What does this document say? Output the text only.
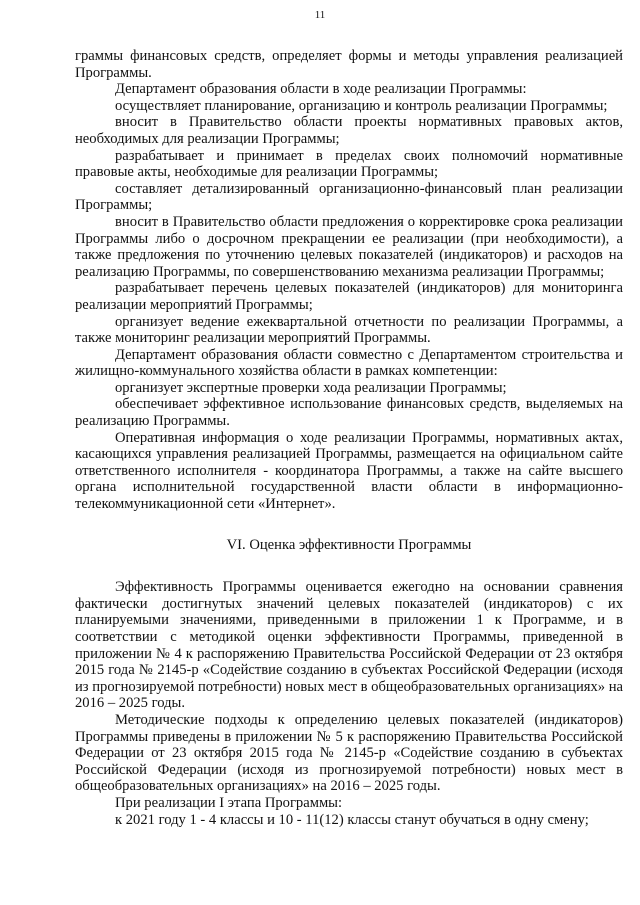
11

граммы финансовых средств, определяет формы и методы управления реализацией Программы.

Департамент образования области в ходе реализации Программы:

осуществляет планирование, организацию и контроль реализации Программы;

вносит в Правительство области проекты нормативных правовых актов, необходимых для реализации Программы;

разрабатывает и принимает в пределах своих полномочий нормативные правовые акты, необходимые для реализации Программы;

составляет детализированный организационно-финансовый план реализации Программы;

вносит в Правительство области предложения о корректировке срока реализации Программы либо о досрочном прекращении ее реализации (при необходимости), а также предложения по уточнению целевых показателей (индикаторов) и расходов на реализацию Программы, по совершенствованию механизма реализации Программы;

разрабатывает перечень целевых показателей (индикаторов) для мониторинга реализации мероприятий Программы;

организует ведение ежеквартальной отчетности по реализации Программы, а также мониторинг реализации мероприятий Программы.

Департамент образования области совместно с Департаментом строительства и жилищно-коммунального хозяйства области в рамках компетенции:

организует экспертные проверки хода реализации Программы;

обеспечивает эффективное использование финансовых средств, выделяемых на реализацию Программы.

Оперативная информация о ходе реализации Программы, нормативных актах, касающихся управления реализацией Программы, размещается на официальном сайте ответственного исполнителя - координатора Программы, а также на сайте высшего органа исполнительной государственной власти области в информационно-телекоммуникационной сети «Интернет».

VI. Оценка эффективности Программы

Эффективность Программы оценивается ежегодно на основании сравнения фактически достигнутых значений целевых показателей (индикаторов) с их планируемыми значениями, приведенными в приложении 1 к Программе, и в соответствии с методикой оценки эффективности Программы, приведенной в приложении № 4 к распоряжению Правительства Российской Федерации от 23 октября 2015 года № 2145-р «Содействие созданию в субъектах Российской Федерации (исходя из прогнозируемой потребности) новых мест в общеобразовательных организациях» на 2016 – 2025 годы.

Методические подходы к определению целевых показателей (индикаторов) Программы приведены в приложении № 5 к распоряжению Правительства Российской Федерации от 23 октября 2015 года № 2145-р «Содействие созданию в субъектах Российской Федерации (исходя из прогнозируемой потребности) новых мест в общеобразовательных организациях» на 2016 – 2025 годы.

При реализации I этапа Программы:

к 2021 году 1 - 4 классы и 10 - 11(12) классы станут обучаться в одну смену;
